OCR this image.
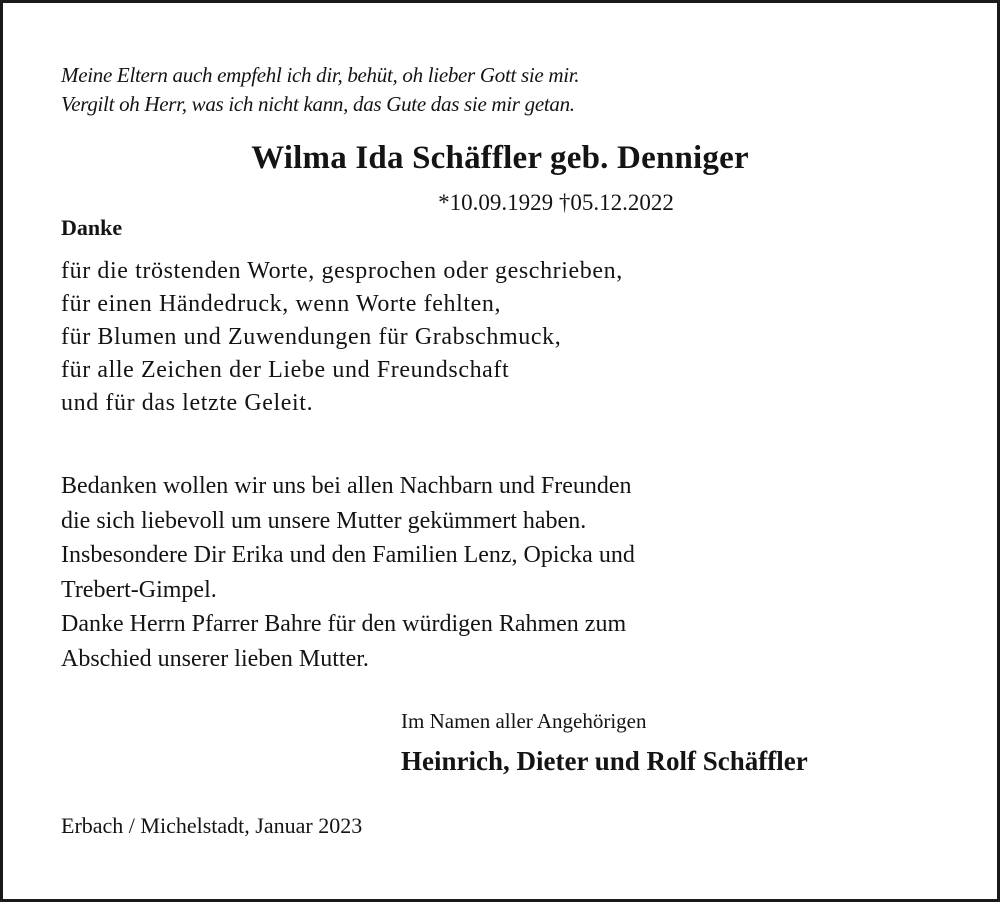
Meine Eltern auch empfehl ich dir, behüt, oh lieber Gott sie mir.
Vergilt oh Herr, was ich nicht kann, das Gute das sie mir getan.
Wilma Ida Schäffler geb. Denniger
*10.09.1929 †05.12.2022
Danke
für die tröstenden Worte, gesprochen oder geschrieben,
für einen Händedruck, wenn Worte fehlten,
für Blumen und Zuwendungen für Grabschmuck,
für alle Zeichen der Liebe und Freundschaft
und für das letzte Geleit.
Bedanken wollen wir uns bei allen Nachbarn und Freunden
die sich liebevoll um unsere Mutter gekümmert haben.
Insbesondere Dir Erika und den Familien Lenz, Opicka und
Trebert-Gimpel.
Danke Herrn Pfarrer Bahre für den würdigen Rahmen zum
Abschied unserer lieben Mutter.
Im Namen aller Angehörigen
Heinrich, Dieter und Rolf Schäffler
Erbach / Michelstadt, Januar 2023
